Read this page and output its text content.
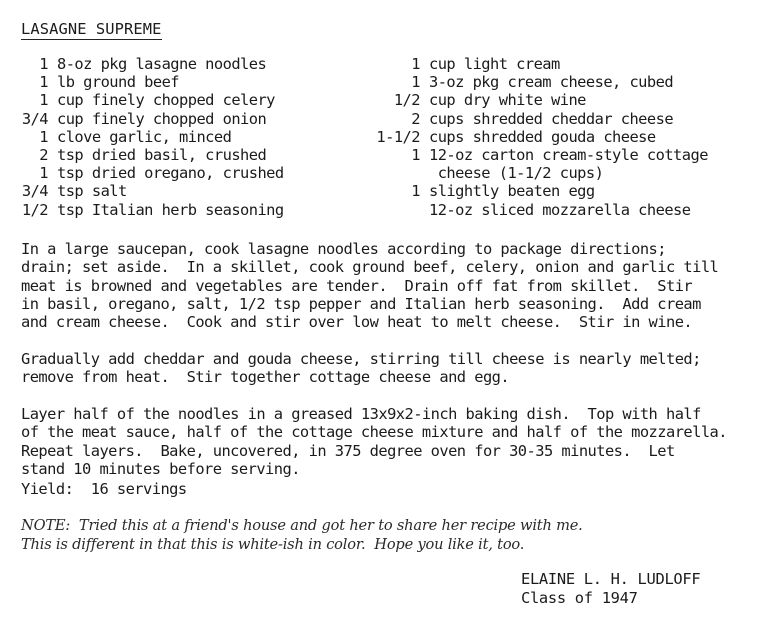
LASAGNE SUPREME
1 8-oz pkg lasagne noodles
1 lb ground beef
1 cup finely chopped celery
3/4 cup finely chopped onion
1 clove garlic, minced
2 tsp dried basil, crushed
1 tsp dried oregano, crushed
3/4 tsp salt
1/2 tsp Italian herb seasoning
1 cup light cream
1 3-oz pkg cream cheese, cubed
1/2 cup dry white wine
2 cups shredded cheddar cheese
1-1/2 cups shredded gouda cheese
1 12-oz carton cream-style cottage
cheese (1-1/2 cups)
1 slightly beaten egg
12-oz sliced mozzarella cheese

In a large saucepan, cook lasagne noodles according to package directions;
drain; set aside.  In a skillet, cook ground beef, celery, onion and garlic till
meat is browned and vegetables are tender.  Drain off fat from skillet.  Stir
in basil, oregano, salt, 1/2 tsp pepper and Italian herb seasoning.  Add cream
and cream cheese.  Cook and stir over low heat to melt cheese.  Stir in wine.

Gradually add cheddar and gouda cheese, stirring till cheese is nearly melted;
remove from heat.  Stir together cottage cheese and egg.

Layer half of the noodles in a greased 13x9x2-inch baking dish.  Top with half
of the meat sauce, half of the cottage cheese mixture and half of the mozzarella.
Repeat layers.  Bake, uncovered, in 375 degree oven for 30-35 minutes.  Let
stand 10 minutes before serving.

Yield:  16 servings

NOTE:  Tried this at a friend's house and got her to share her recipe with me.
This is different in that this is white-ish in color.  Hope you like it, too.

ELAINE L. H. LUDLOFF
Class of 1947
